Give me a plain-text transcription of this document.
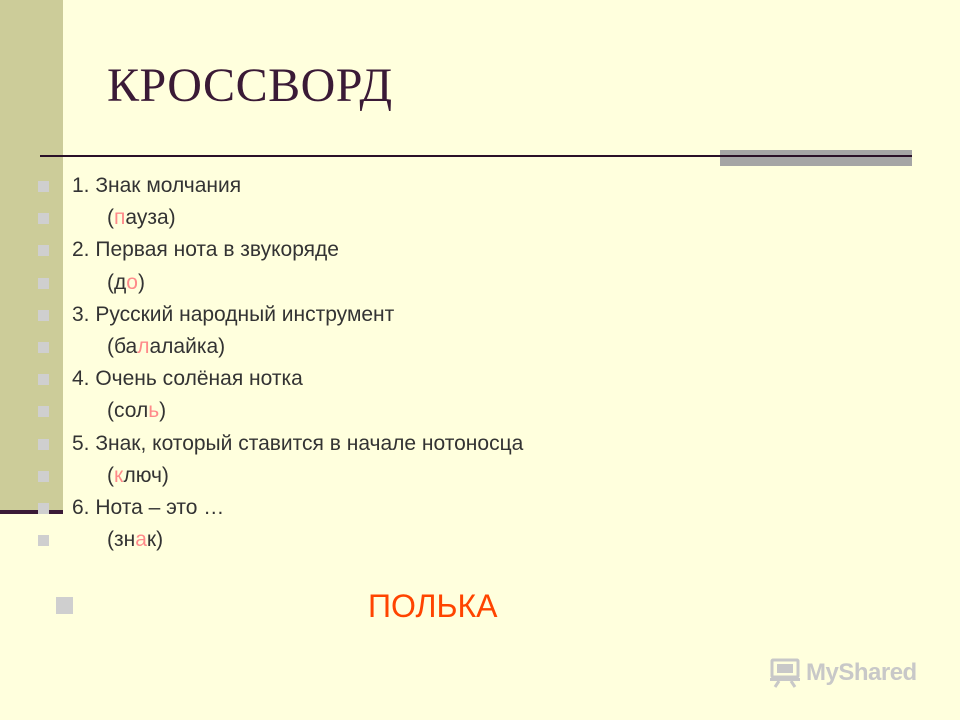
КРОССВОРД
1. Знак молчания
(пауза)
2. Первая нота в звукоряде
(до)
3. Русский народный инструмент
(балалайка)
4. Очень солёная нотка
(соль)
5. Знак, который ставится в начале нотоносца
(ключ)
6. Нота – это …
(знак)
ПОЛЬКА
MyShared
